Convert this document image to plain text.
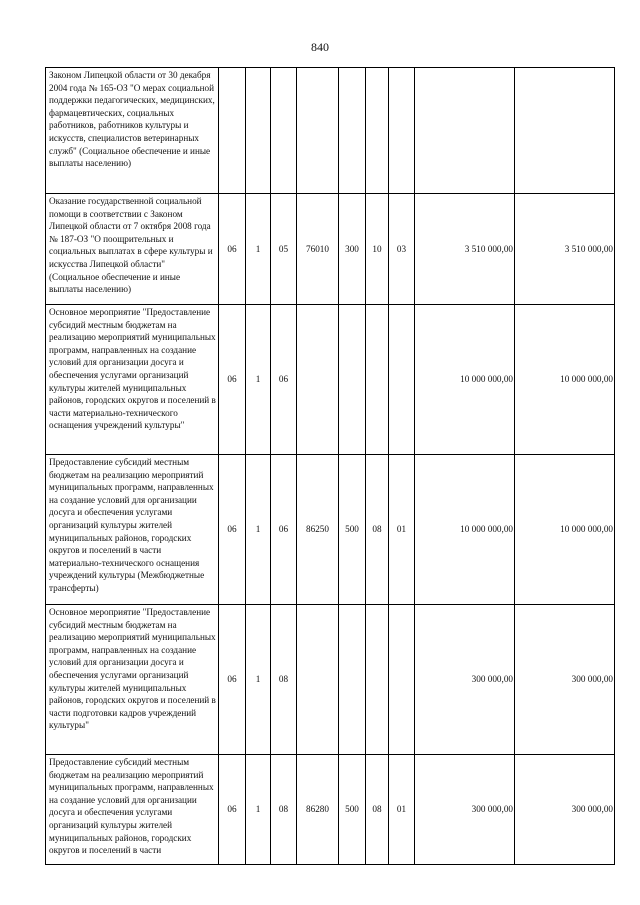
840
Законом Липецкой области от 30 декабря 2004 года № 165-ОЗ "О мерах социальной поддержки педагогических, медицинских, фармацевтических, социальных работников, работников культуры и искусств, специалистов ветеринарных служб" (Социальное обеспечение и иные выплаты населению)									
Оказание государственной социальной помощи в соответствии с Законом Липецкой области от 7 октября 2008 года № 187-ОЗ "О поощрительных и социальных выплатах в сфере культуры и искусства Липецкой области" (Социальное обеспечение и иные выплаты населению)	06	1	05	76010	300	10	03	3 510 000,00	3 510 000,00
Основное мероприятие "Предоставление субсидий местным бюджетам на реализацию мероприятий муниципальных программ, направленных на создание условий для организации досуга и обеспечения услугами организаций культуры жителей муниципальных районов, городских округов и поселений в части материально-технического оснащения учреждений культуры"	06	1	06					10 000 000,00	10 000 000,00
Предоставление субсидий местным бюджетам на реализацию мероприятий муниципальных программ, направленных на создание условий для организации досуга и обеспечения услугами организаций культуры жителей муниципальных районов, городских округов и поселений в части материально-технического оснащения учреждений культуры (Межбюджетные трансферты)	06	1	06	86250	500	08	01	10 000 000,00	10 000 000,00
Основное мероприятие "Предоставление субсидий местным бюджетам на реализацию мероприятий муниципальных программ, направленных на создание условий для организации досуга и обеспечения услугами организаций культуры жителей муниципальных районов, городских округов и поселений в части подготовки кадров учреждений культуры"	06	1	08					300 000,00	300 000,00
Предоставление субсидий местным бюджетам на реализацию мероприятий муниципальных программ, направленных на создание условий для организации досуга и обеспечения услугами организаций культуры жителей муниципальных районов, городских округов и поселений в части	06	1	08	86280	500	08	01	300 000,00	300 000,00
